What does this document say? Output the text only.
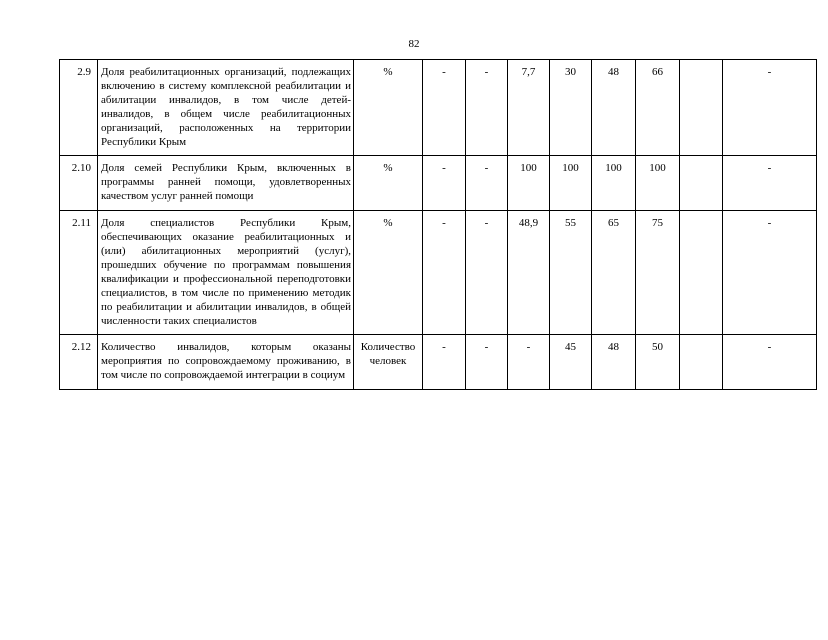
82
2.9	Доля реабилитационных организаций, подлежащих включению в систему комплексной реабилитации и абилитации инвалидов, в том числе детей-инвалидов, в общем числе реабилитационных организаций, расположенных на территории Республики Крым	%	-	-	7,7	30	48	66		-
2.10	Доля семей Республики Крым, включенных в программы ранней помощи, удовлетворенных качеством услуг ранней помощи	%	-	-	100	100	100	100		-
2.11	Доля специалистов Республики Крым, обеспечивающих оказание реабилитационных и (или) абилитационных мероприятий (услуг), прошедших обучение по программам повышения квалификации и профессиональной переподготовки специалистов, в том числе по применению методик по реабилитации и абилитации инвалидов, в общей численности таких специалистов	%	-	-	48,9	55	65	75		-
2.12	Количество инвалидов, которым оказаны мероприятия по сопровождаемому проживанию, в том числе по сопровождаемой интеграции в социум	Количество человек	-	-	-	45	48	50		-
